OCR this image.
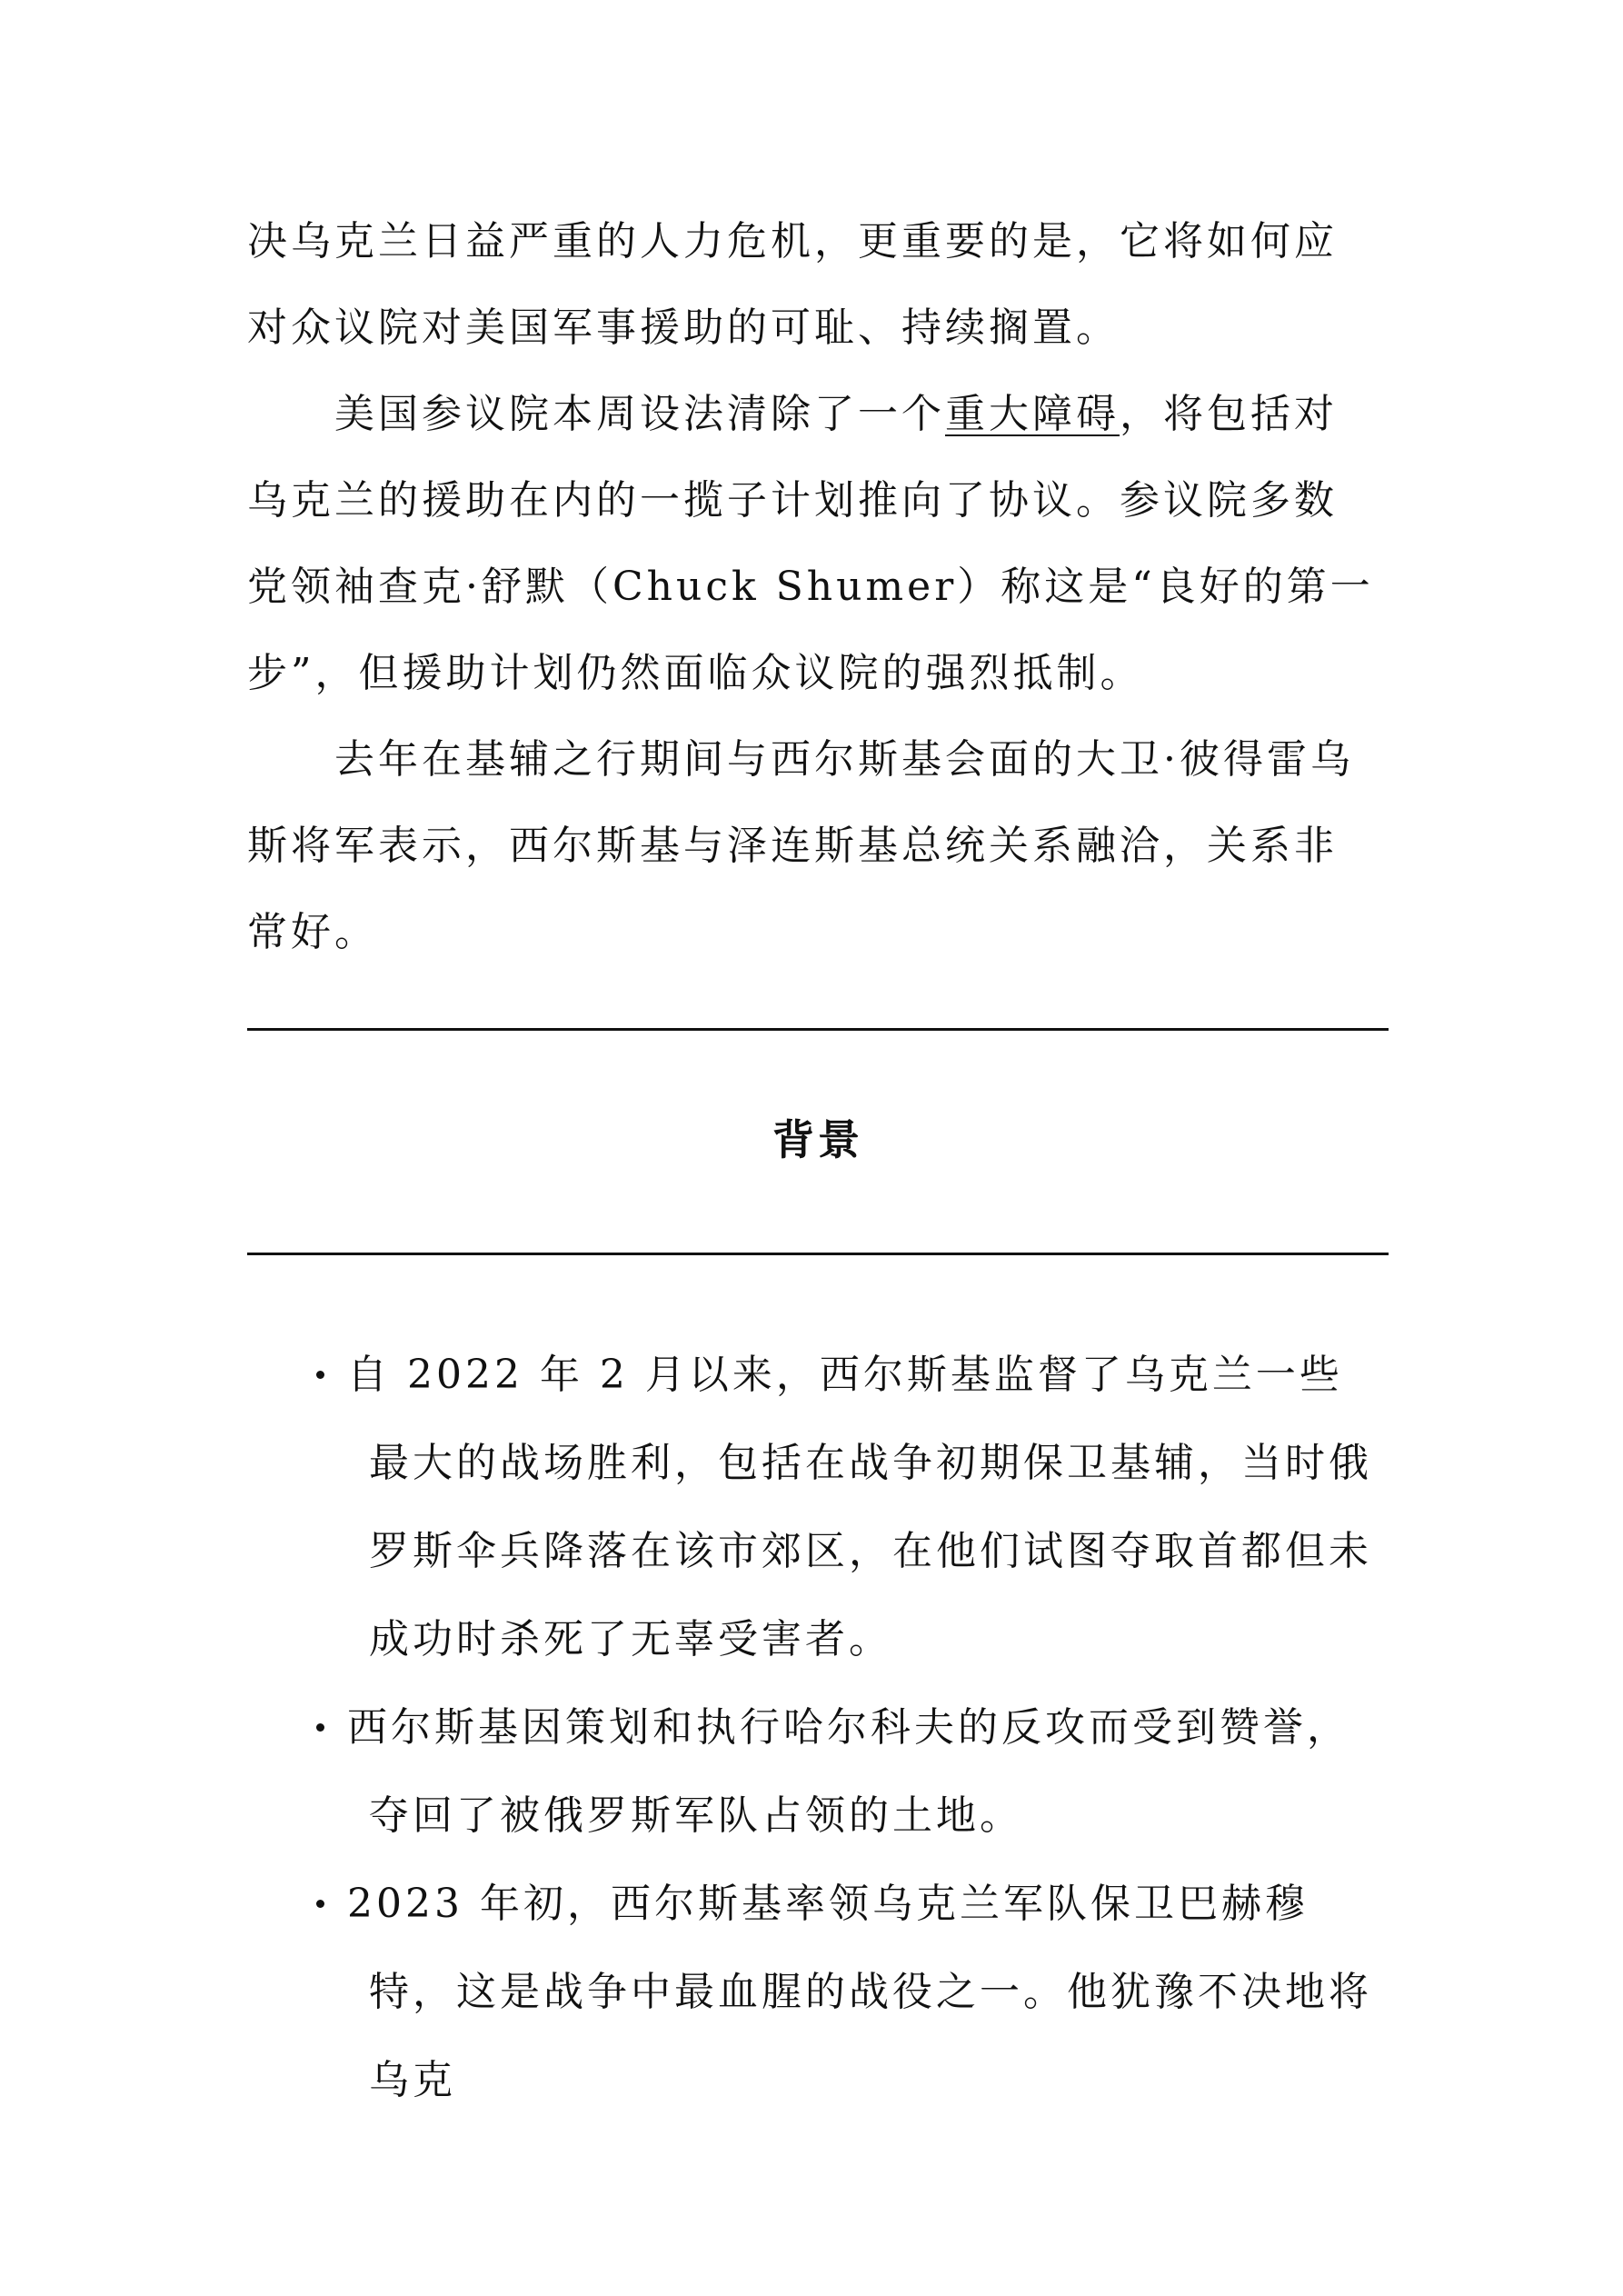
决乌克兰日益严重的人力危机，更重要的是，它将如何应对众议院对美国军事援助的可耻、持续搁置。

美国参议院本周设法清除了一个重大障碍，将包括对乌克兰的援助在内的一揽子计划推向了协议。参议院多数党领袖查克·舒默（Chuck Shumer）称这是“良好的第一步”，但援助计划仍然面临众议院的强烈抵制。

去年在基辅之行期间与西尔斯基会面的大卫·彼得雷乌斯将军表示，西尔斯基与泽连斯基总统关系融洽，关系非常好。

背景
自 2022 年 2 月以来，西尔斯基监督了乌克兰一些最大的战场胜利，包括在战争初期保卫基辅，当时俄罗斯伞兵降落在该市郊区，在他们试图夺取首都但未成功时杀死了无辜受害者。
西尔斯基因策划和执行哈尔科夫的反攻而受到赞誉，夺回了被俄罗斯军队占领的土地。
2023 年初，西尔斯基率领乌克兰军队保卫巴赫穆特，这是战争中最血腥的战役之一。他犹豫不决地将乌克
